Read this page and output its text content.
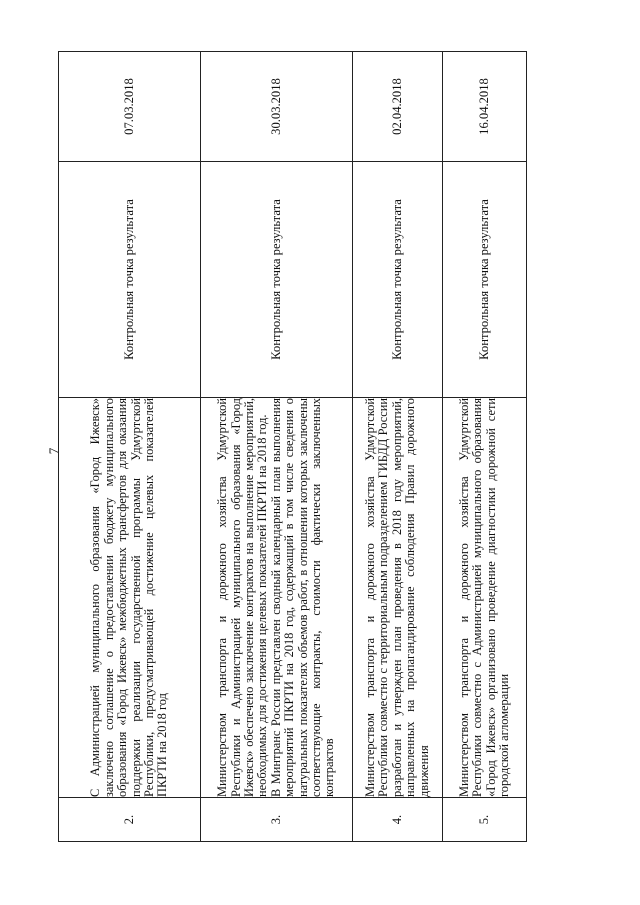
7
2.	С Администрацией муниципального образования «Город Ижевск» заключено соглашение о предоставлении бюджету муниципального образования «Город Ижевск» межбюджетных трансфертов для оказания поддержки реализации государственной программы Удмуртской Республики, предусматривающей достижение целевых показателей ПКРТИ на 2018 год	Контрольная точка результата	07.03.2018
3.	Министерством транспорта и дорожного хозяйства Удмуртской Республики и Администрацией муниципального образования «Город Ижевск» обеспечено заключение контрактов на выполнение мероприятий, необходимых для достижения целевых показателей ПКРТИ на 2018 год. В Минтранс России представлен сводный календарный план выполнения мероприятий ПКРТИ на 2018 год, содержащий в том числе сведения о натуральных показателях объемов работ, в отношении которых заключены соответствующие контракты, стоимости фактически заключенных контрактов	Контрольная точка результата	30.03.2018
4.	Министерством транспорта и дорожного хозяйства Удмуртской Республики совместно с территориальным подразделением ГИБДД России разработан и утвержден план проведения в 2018 году мероприятий, направленных на пропагандирование соблюдения Правил дорожного движения	Контрольная точка результата	02.04.2018
5.	Министерством транспорта и дорожного хозяйства Удмуртской Республики совместно с Администрацией муниципального образования «Город Ижевск» организовано проведение диагностики дорожной сети городской агломерации	Контрольная точка результата	16.04.2018
